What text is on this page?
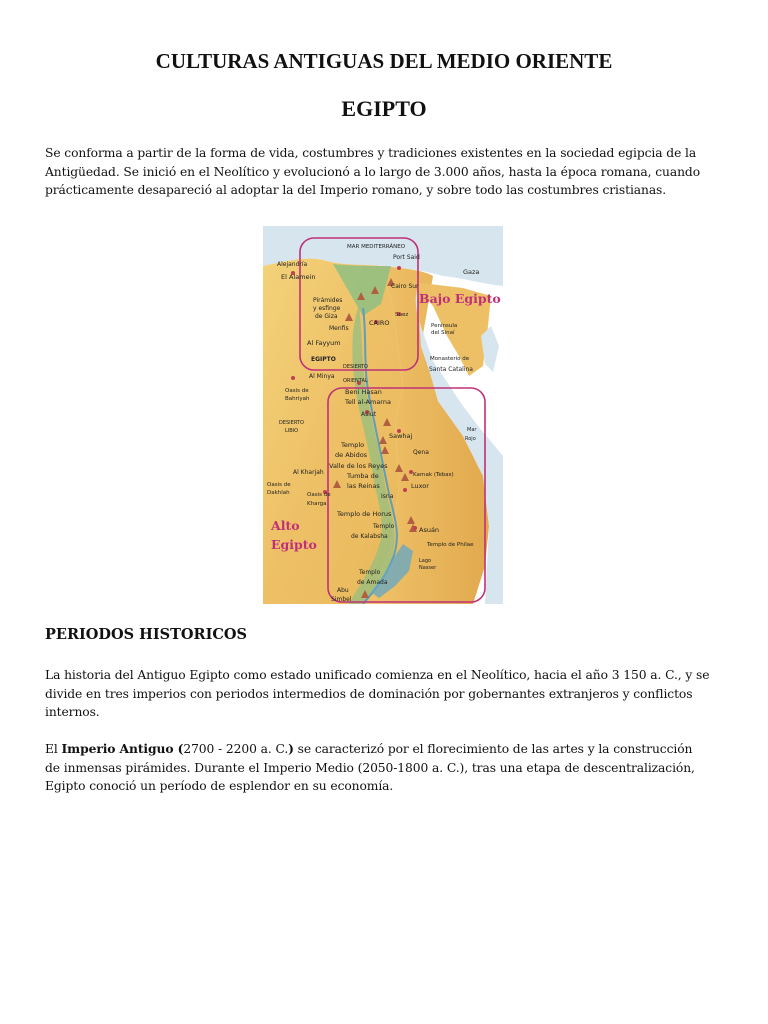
CULTURAS ANTIGUAS DEL MEDIO ORIENTE
EGIPTO
Se conforma a partir de la forma de vida, costumbres y tradiciones existentes en la sociedad egipcia de la
Antigüedad. Se inició en el Neolítico y evolucionó a lo largo de 3.000 años, hasta la época romana, cuando
prácticamente desapareció al adoptar la del Imperio romano, y sobre todo las costumbres cristianas.
MAR MEDITERRÁNEO
Alejandría
El Alamein
Port Said
Gaza
Cairo Sur
Suez
Pirámides
y esfinge
de Giza
Menfis
CAIRO
Al Fayyum
EGIPTO
Península
del Sinaí
Monasterio de
Santa Catalina
Al Minya
DESIERTO
ORIENTAL
Oasis de
Bahriyah
Beni Hasan
Tell al-Amarna
Asiut
DESIERTO
LIBIO	Mar
Rojo
Sawhaj
Templo
de Abidos
Valle de los Reyes
Qena
Tumba de
las Reinas
Karnak (Tebas)
Luxor
Al Kharjah
Oasis de
Dakhlah	Oasis de
Kharga
Isna
Templo de Horus
Templo
de Kalabsha
Asuán
Templo de Philae
Lago
Nasser
Templo
de Amada
Abu
Simbel
Bajo Egipto
Alto
Egipto
PERIODOS HISTORICOS
La historia del Antiguo Egipto como estado unificado comienza en el Neolítico, hacia el año 3 150 a. C., y se
divide en tres imperios con periodos intermedios de dominación por gobernantes extranjeros y conflictos
internos.
El Imperio Antiguo (2700 - 2200 a. C.) se caracterizó por el florecimiento de las artes y la construcción
de inmensas pirámides. Durante el Imperio Medio (2050-1800 a. C.), tras una etapa de descentralización,
Egipto conoció un período de esplendor en su economía.
